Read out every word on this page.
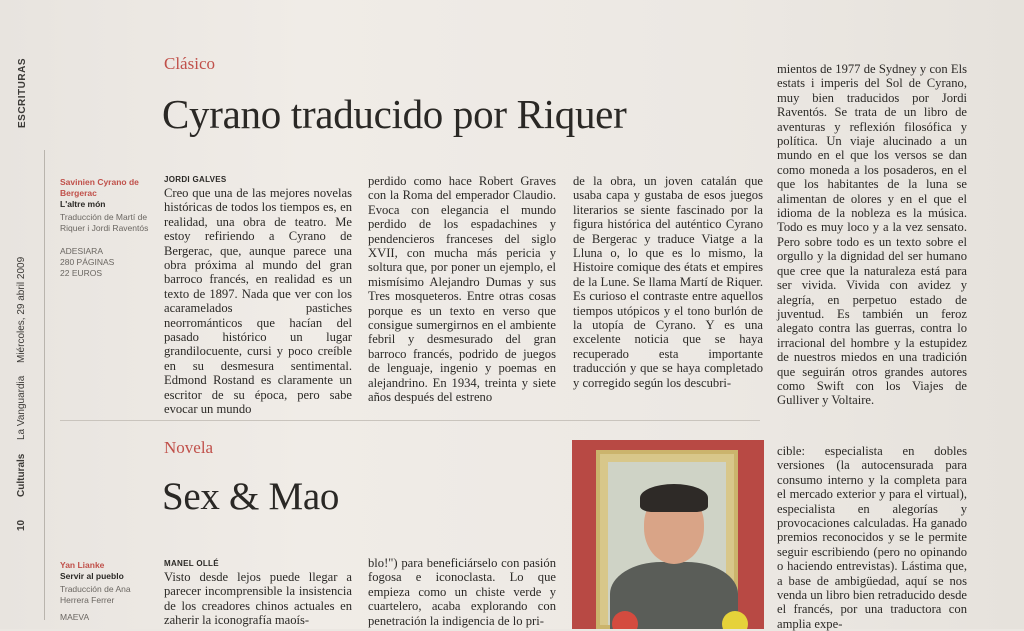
ESCRITURAS
10
Culturals
La Vanguardia
Miércoles, 29 abril 2009
Clásico
Cyrano traducido por Riquer
Savinien Cyrano de Bergerac
L'altre món
Traducción de Martí de Riquer i Jordi Raventós
ADESIARA
280 PÁGINAS
22 EUROS
JORDI GALVES
Creo que una de las mejores novelas históricas de todos los tiempos es, en realidad, una obra de teatro. Me estoy refiriendo a Cyrano de Bergerac, que, aunque parece una obra próxima al mundo del gran barroco francés, en realidad es un texto de 1897. Nada que ver con los acaramelados pastiches neorrománticos que hacían del pasado histórico un lugar grandilocuente, cursi y poco creíble en su desmesura sentimental. Edmond Rostand es claramente un escritor de su época, pero sabe evocar un mundo
perdido como hace Robert Graves con la Roma del emperador Claudio. Evoca con elegancia el mundo perdido de los espadachines y pendencieros franceses del siglo XVII, con mucha más pericia y soltura que, por poner un ejemplo, el mismísimo Alejandro Dumas y sus Tres mosqueteros. Entre otras cosas porque es un texto en verso que consigue sumergirnos en el ambiente febril y desmesurado del gran barroco francés, podrido de juegos de lenguaje, ingenio y poemas en alejandrino. En 1934, treinta y siete años después del estreno
de la obra, un joven catalán que usaba capa y gustaba de esos juegos literarios se siente fascinado por la figura histórica del auténtico Cyrano de Bergerac y traduce Viatge a la Lluna o, lo que es lo mismo, la Histoire comique des états et empires de la Lune. Se llama Martí de Riquer. Es curioso el contraste entre aquellos tiempos utópicos y el tono burlón de la utopía de Cyrano. Y es una excelente noticia que se haya recuperado esta importante traducción y que se haya completado y corregido según los descubri-
mientos de 1977 de Sydney y con Els estats i imperis del Sol de Cyrano, muy bien traducidos por Jordi Raventós. Se trata de un libro de aventuras y reflexión filosófica y política. Un viaje alucinado a un mundo en el que los versos se dan como moneda a los posaderos, en el que los habitantes de la luna se alimentan de olores y en el que el idioma de la nobleza es la música. Todo es muy loco y a la vez sensato. Pero sobre todo es un texto sobre el orgullo y la dignidad del ser humano que cree que la naturaleza está para ser vivida. Vivida con avidez y alegría, en perpetuo estado de juventud. Es también un feroz alegato contra las guerras, contra lo irracional del hombre y la estupidez de nuestros miedos en una tradición que seguirán otros grandes autores como Swift con los Viajes de Gulliver y Voltaire.
Novela
Sex & Mao
Yan Lianke
Servir al pueblo
Traducción de Ana Herrera Ferrer
MAEVA
MANEL OLLÉ
Visto desde lejos puede llegar a parecer incomprensible la insistencia de los creadores chinos actuales en zaherir la iconografía maoís-
blo!") para beneficiárselo con pasión fogosa e iconoclasta. Lo que empieza como un chiste verde y cuartelero, acaba explorando con penetración la indigencia de lo pri-
cible: especialista en dobles versiones (la autocensurada para consumo interno y la completa para el mercado exterior y para el virtual), especialista en alegorías y provocaciones calculadas. Ha ganado premios reconocidos y se le permite seguir escribiendo (pero no opinando o haciendo entrevistas). Lástima que, a base de ambigüedad, aquí se nos venda un libro bien retraducido desde el francés, por una traductora con amplia expe-
